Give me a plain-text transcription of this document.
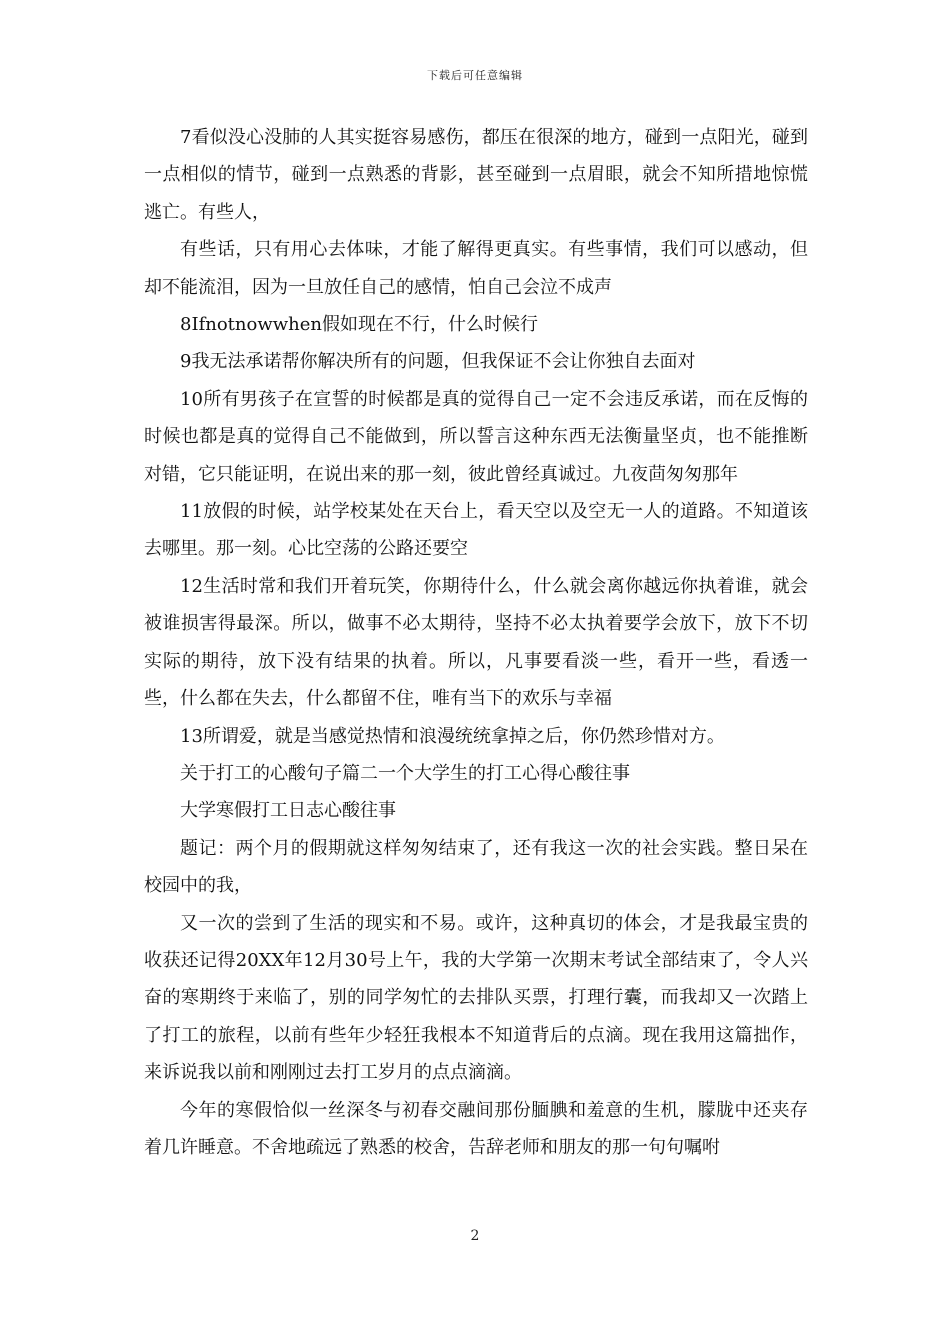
下载后可任意编辑

7看似没心没肺的人其实挺容易感伤，都压在很深的地方，碰到一点阳光，碰到一点相似的情节，碰到一点熟悉的背影，甚至碰到一点眉眼，就会不知所措地惊慌逃亡。有些人，

有些话，只有用心去体味，才能了解得更真实。有些事情，我们可以感动，但却不能流泪，因为一旦放任自己的感情，怕自己会泣不成声

8Ifnotnowwhen假如现在不行，什么时候行

9我无法承诺帮你解决所有的问题，但我保证不会让你独自去面对

10所有男孩子在宣誓的时候都是真的觉得自己一定不会违反承诺，而在反悔的时候也都是真的觉得自己不能做到，所以誓言这种东西无法衡量坚贞，也不能推断对错，它只能证明，在说出来的那一刻，彼此曾经真诚过。九夜茴匆匆那年

11放假的时候，站学校某处在天台上，看天空以及空无一人的道路。不知道该去哪里。那一刻。心比空荡的公路还要空

12生活时常和我们开着玩笑，你期待什么，什么就会离你越远你执着谁，就会被谁损害得最深。所以，做事不必太期待，坚持不必太执着要学会放下，放下不切实际的期待，放下没有结果的执着。所以，凡事要看淡一些，看开一些，看透一些，什么都在失去，什么都留不住，唯有当下的欢乐与幸福

13所谓爱，就是当感觉热情和浪漫统统拿掉之后，你仍然珍惜对方。

关于打工的心酸句子篇二一个大学生的打工心得心酸往事

大学寒假打工日志心酸往事

题记：两个月的假期就这样匆匆结束了，还有我这一次的社会实践。整日呆在校园中的我，

又一次的尝到了生活的现实和不易。或许，这种真切的体会，才是我最宝贵的收获还记得20XX年12月30号上午，我的大学第一次期末考试全部结束了，令人兴奋的寒期终于来临了，别的同学匆忙的去排队买票，打理行囊，而我却又一次踏上了打工的旅程，以前有些年少轻狂我根本不知道背后的点滴。现在我用这篇拙作，来诉说我以前和刚刚过去打工岁月的点点滴滴。

今年的寒假恰似一丝深冬与初春交融间那份腼腆和羞意的生机，朦胧中还夹存着几许睡意。不舍地疏远了熟悉的校舍，告辞老师和朋友的那一句句嘱咐

2
